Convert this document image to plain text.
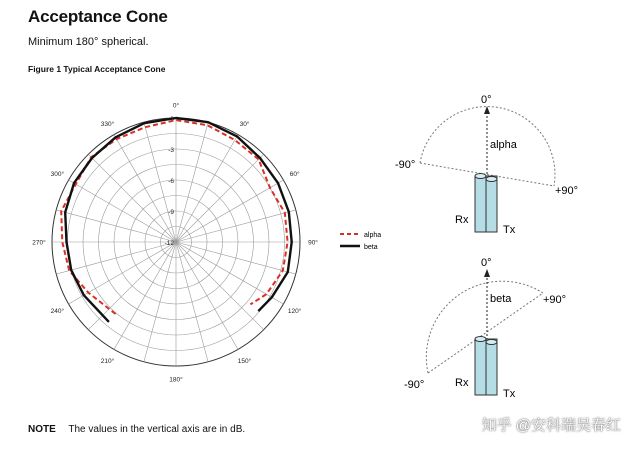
Acceptance Cone
Minimum 180° spherical.
Figure 1 Typical Acceptance Cone
0
-3
-6
-9
-12
0°
30°
60°
90°
120°
150°
180°
210°
240°
270°
300°
330°
alpha
beta
0°
alpha
-90°
+90°
Rx
Tx
0°
beta	+90°
-90°	Rx
Tx
NOTE The values in the vertical axis are in dB.	知乎 @安科瑞吴春红
